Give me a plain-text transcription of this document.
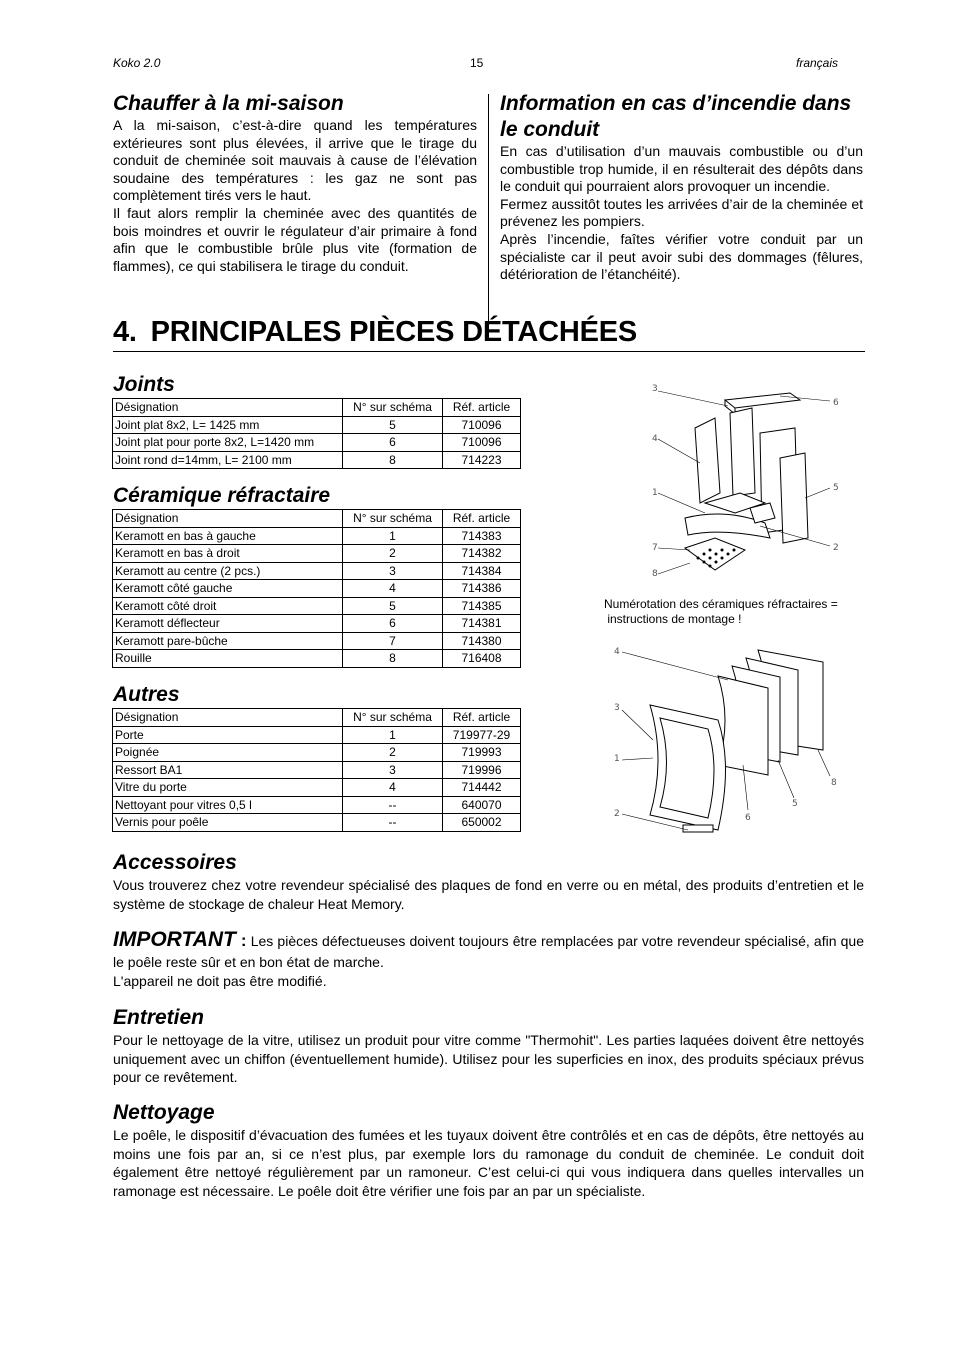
Koko 2.0	15	français
Chauffer à la mi-saison

A la mi-saison, c’est-à-dire quand les températures extérieures sont plus élevées, il arrive que le tirage du conduit de cheminée soit mauvais à cause de l’élévation soudaine des températures : les gaz ne sont pas complètement tirés vers le haut.

Il faut alors remplir la cheminée avec des quantités de bois moindres et ouvrir le régulateur d’air primaire à fond afin que le combustible brûle plus vite (formation de flammes), ce qui stabilisera le tirage du conduit.

Information en cas d’incendie dans le conduit

En cas d’utilisation d’un mauvais combustible ou d’un combustible trop humide, il en résulterait des dépôts dans le conduit qui pourraient alors provoquer un incendie.

Fermez aussitôt toutes les arrivées d’air de la cheminée et prévenez les pompiers.

Après l’incendie, faîtes vérifier votre conduit par un spécialiste car il peut avoir subi des dommages (fêlures, détérioration de l’étanchéité).

4. PRINCIPALES PIÈCES DÉTACHÉES
Joints
Désignation	N° sur schéma	Réf. article
Joint plat 8x2, L= 1425 mm	5	710096
Joint plat pour porte 8x2, L=1420 mm	6	710096
Joint rond d=14mm, L= 2100 mm	8	714223
Céramique réfractaire
Désignation	N° sur schéma	Réf. article
Keramott en bas à gauche	1	714383
Keramott en bas à droit	2	714382
Keramott au centre (2 pcs.)	3	714384
Keramott côté gauche	4	714386
Keramott côté droit	5	714385
Keramott déflecteur	6	714381
Keramott pare-bûche	7	714380
Rouille	8	716408
Autres
Désignation	N° sur schéma	Réf. article
Porte	1	719977-29
Poignée	2	719993
Ressort BA1	3	719996
Vitre du porte	4	714442
Nettoyant pour vitres 0,5 l	--	640070
Vernis pour poêle	--	650002
3
6
4
1	5
7	2
8
Numérotation des céramiques réfractaires =
instructions de montage !
4
3
1
2	6
5
8
Accessoires

Vous trouverez chez votre revendeur spécialisé des plaques de fond en verre ou en métal, des produits d’entretien et le système de stockage de chaleur Heat Memory.

IMPORTANT : Les pièces défectueuses doivent toujours être remplacées par votre revendeur spécialisé, afin que le poêle reste sûr et en bon état de marche.

L'appareil ne doit pas être modifié.

Entretien

Pour le nettoyage de la vitre, utilisez un produit pour vitre comme "Thermohit". Les parties laquées doivent être nettoyés uniquement avec un chiffon (éventuellement humide). Utilisez pour les superficies en inox, des produits spéciaux prévus pour ce revêtement.

Nettoyage

Le poêle, le dispositif d’évacuation des fumées et les tuyaux doivent être contrôlés et en cas de dépôts, être nettoyés au moins une fois par an, si ce n’est plus, par exemple lors du ramonage du conduit de cheminée. Le conduit doit également être nettoyé régulièrement par un ramoneur. C’est celui-ci qui vous indiquera dans quelles intervalles un ramonage est nécessaire. Le poêle doit être vérifier une fois par an par un spécialiste.
